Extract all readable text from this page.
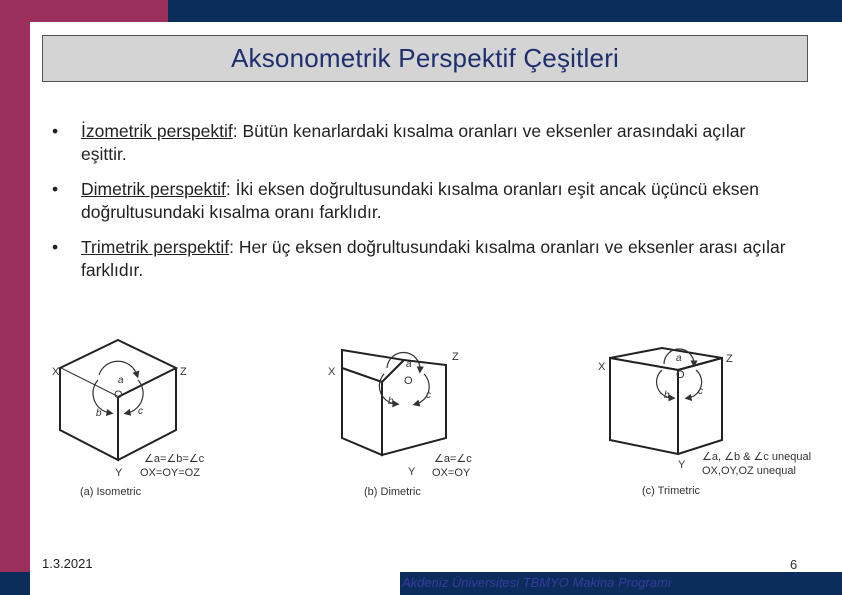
Aksonometrik Perspektif Çeşitleri
• İzometrik perspektif: Bütün kenarlardaki kısalma oranları ve eksenler arasındaki açılar eşittir.
• Dimetrik perspektif: İki eksen doğrultusundaki kısalma oranları eşit ancak üçüncü eksen doğrultusundaki kısalma oranı farklıdır.
• Trimetrik perspektif: Her üç eksen doğrultusundaki kısalma oranları ve eksenler arası açılar farklıdır.
X	Z
Y
O
a
b	c
∠a=∠b=∠c
OX=OY=OZ
(a) Isometric
X
Z
Y
O
a
b
c
∠a=∠c
OX=OY
(b) Dimetric
X
Z
Y
O
a
b	c
∠a, ∠b & ∠c unequal
OX,OY,OZ unequal
(c) Trimetric
1.3.2021
Akdeniz Üniversitesi TBMYO Makina Programı
6
